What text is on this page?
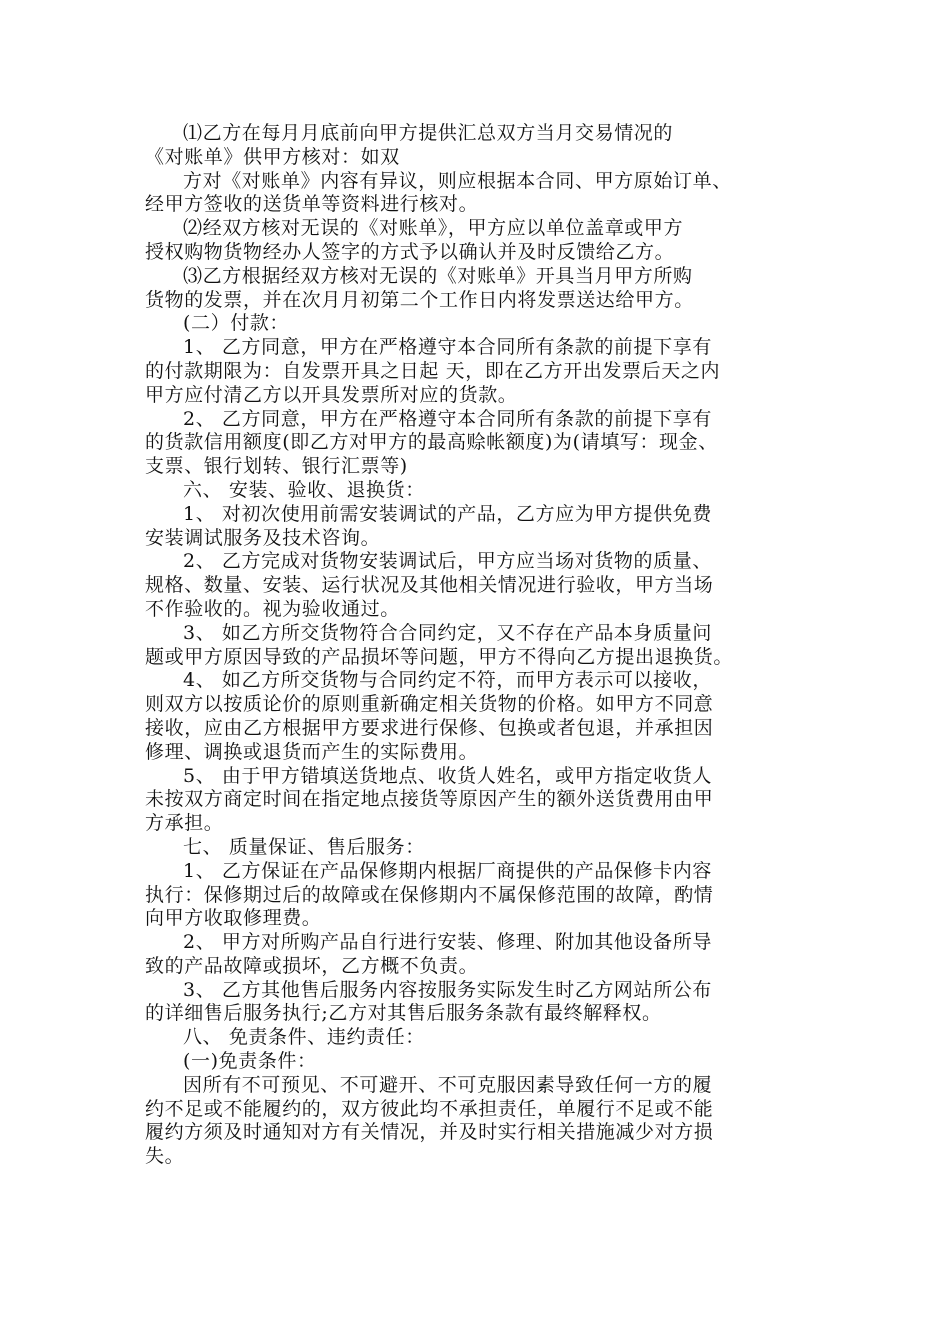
⑴乙方在每月月底前向甲方提供汇总双方当月交易情况的
《对账单》供甲方核对：如双

方对《对账单》内容有异议，则应根据本合同、甲方原始订单、
经甲方签收的送货单等资料进行核对。

⑵经双方核对无误的《对账单》，甲方应以单位盖章或甲方
授权购物货物经办人签字的方式予以确认并及时反馈给乙方。

⑶乙方根据经双方核对无误的《对账单》开具当月甲方所购
货物的发票，并在次月月初第二个工作日内将发票送达给甲方。

(二）付款：

1、 乙方同意，甲方在严格遵守本合同所有条款的前提下享有
的付款期限为：自发票开具之日起 天，即在乙方开出发票后天之内
甲方应付清乙方以开具发票所对应的货款。

2、 乙方同意，甲方在严格遵守本合同所有条款的前提下享有
的货款信用额度(即乙方对甲方的最高赊帐额度)为(请填写：现金、
支票、银行划转、银行汇票等)

六、 安装、验收、退换货：

1、 对初次使用前需安装调试的产品，乙方应为甲方提供免费
安装调试服务及技术咨询。

2、 乙方完成对货物安装调试后，甲方应当场对货物的质量、
规格、数量、安装、运行状况及其他相关情况进行验收，甲方当场
不作验收的。视为验收通过。

3、 如乙方所交货物符合合同约定，又不存在产品本身质量问
题或甲方原因导致的产品损坏等问题，甲方不得向乙方提出退换货。

4、 如乙方所交货物与合同约定不符，而甲方表示可以接收，
则双方以按质论价的原则重新确定相关货物的价格。如甲方不同意
接收，应由乙方根据甲方要求进行保修、包换或者包退，并承担因
修理、调换或退货而产生的实际费用。

5、 由于甲方错填送货地点、收货人姓名，或甲方指定收货人
未按双方商定时间在指定地点接货等原因产生的额外送货费用由甲
方承担。

七、 质量保证、售后服务：

1、 乙方保证在产品保修期内根据厂商提供的产品保修卡内容
执行：保修期过后的故障或在保修期内不属保修范围的故障，酌情
向甲方收取修理费。

2、 甲方对所购产品自行进行安装、修理、附加其他设备所导
致的产品故障或损坏，乙方概不负责。

3、 乙方其他售后服务内容按服务实际发生时乙方网站所公布
的详细售后服务执行;乙方对其售后服务条款有最终解释权。

八、 免责条件、违约责任：

(一)免责条件：

因所有不可预见、不可避开、不可克服因素导致任何一方的履
约不足或不能履约的，双方彼此均不承担责任，单履行不足或不能
履约方须及时通知对方有关情况，并及时实行相关措施减少对方损
失。
